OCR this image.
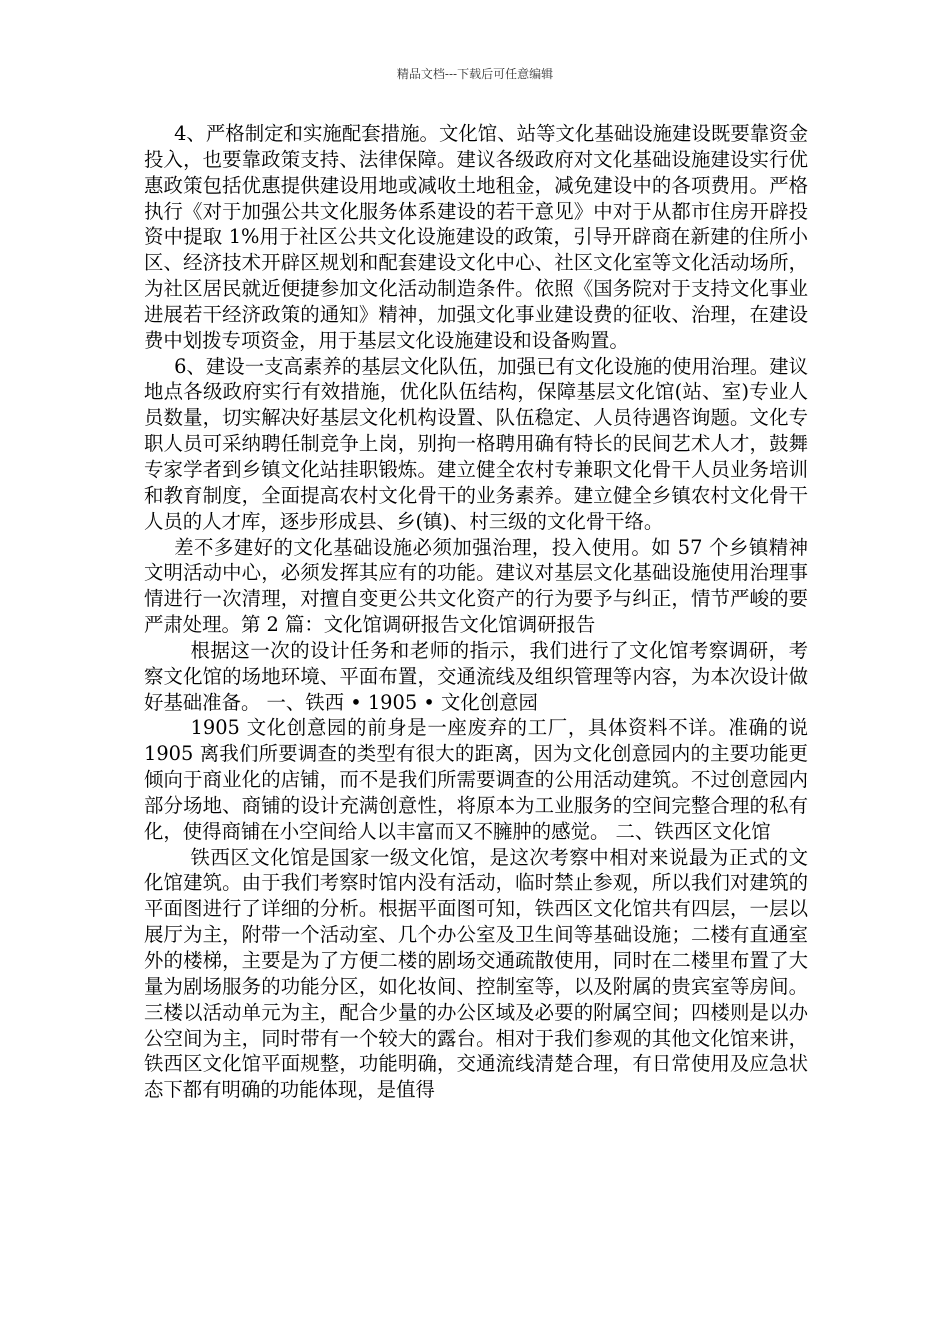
精品文档---下载后可任意编辑

4、严格制定和实施配套措施。文化馆、站等文化基础设施建设既要靠资金投入，也要靠政策支持、法律保障。建议各级政府对文化基础设施建设实行优惠政策包括优惠提供建设用地或减收土地租金，减免建设中的各项费用。严格执行《对于加强公共文化服务体系建设的若干意见》中对于从都市住房开辟投资中提取 1%用于社区公共文化设施建设的政策，引导开辟商在新建的住所小区、经济技术开辟区规划和配套建设文化中心、社区文化室等文化活动场所，为社区居民就近便捷参加文化活动制造条件。依照《国务院对于支持文化事业进展若干经济政策的通知》精神，加强文化事业建设费的征收、治理，在建设费中划拨专项资金，用于基层文化设施建设和设备购置。

6、建设一支高素养的基层文化队伍，加强已有文化设施的使用治理。建议地点各级政府实行有效措施，优化队伍结构，保障基层文化馆(站、室)专业人员数量，切实解决好基层文化机构设置、队伍稳定、人员待遇咨询题。文化专职人员可采纳聘任制竞争上岗，别拘一格聘用确有特长的民间艺术人才，鼓舞专家学者到乡镇文化站挂职锻炼。建立健全农村专兼职文化骨干人员业务培训和教育制度，全面提高农村文化骨干的业务素养。建立健全乡镇农村文化骨干人员的人才库，逐步形成县、乡(镇)、村三级的文化骨干络。

差不多建好的文化基础设施必须加强治理，投入使用。如 57 个乡镇精神文明活动中心，必须发挥其应有的功能。建议对基层文化基础设施使用治理事情进行一次清理，对擅自变更公共文化资产的行为要予与纠正，情节严峻的要严肃处理。第 2 篇：文化馆调研报告文化馆调研报告

根据这一次的设计任务和老师的指示，我们进行了文化馆考察调研，考察文化馆的场地环境、平面布置，交通流线及组织管理等内容，为本次设计做好基础准备。 一、铁西 • 1905 • 文化创意园

1905 文化创意园的前身是一座废弃的工厂，具体资料不详。准确的说 1905 离我们所要调查的类型有很大的距离，因为文化创意园内的主要功能更倾向于商业化的店铺，而不是我们所需要调查的公用活动建筑。不过创意园内部分场地、商铺的设计充满创意性，将原本为工业服务的空间完整合理的私有化，使得商铺在小空间给人以丰富而又不臃肿的感觉。 二、铁西区文化馆

铁西区文化馆是国家一级文化馆，是这次考察中相对来说最为正式的文化馆建筑。由于我们考察时馆内没有活动，临时禁止参观，所以我们对建筑的平面图进行了详细的分析。根据平面图可知，铁西区文化馆共有四层，一层以展厅为主，附带一个活动室、几个办公室及卫生间等基础设施；二楼有直通室外的楼梯，主要是为了方便二楼的剧场交通疏散使用，同时在二楼里布置了大量为剧场服务的功能分区，如化妆间、控制室等，以及附属的贵宾室等房间。三楼以活动单元为主，配合少量的办公区域及必要的附属空间；四楼则是以办公空间为主，同时带有一个较大的露台。相对于我们参观的其他文化馆来讲，铁西区文化馆平面规整，功能明确，交通流线清楚合理，有日常使用及应急状态下都有明确的功能体现，是值得
